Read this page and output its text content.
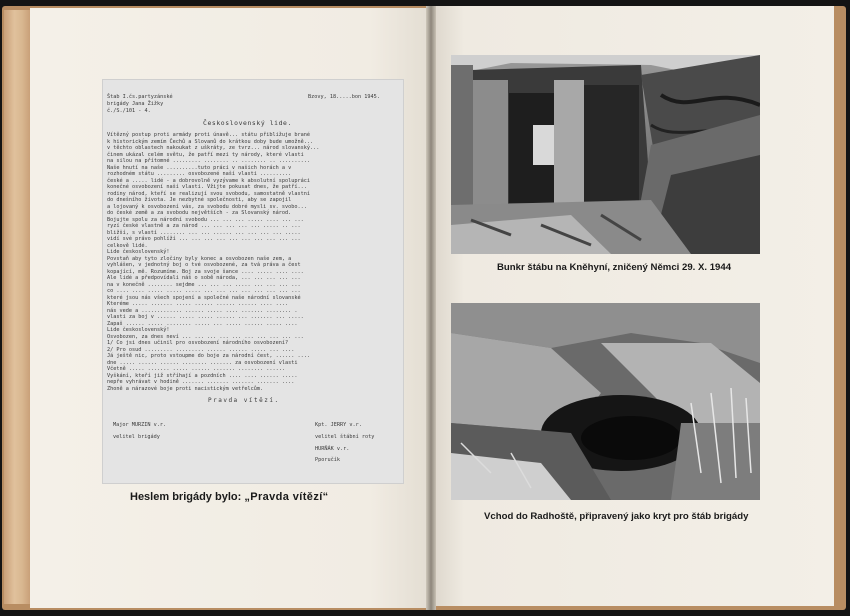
Štab I.čs.partyzánské
brigády Jana Žižky
č./S./101 - 4.
Bzovy, 18.....bon 1945.
Československý lide.
Vítězný postup proti armády proti únavě... státu přibližuje brané
k historickým zemím Čechů a Slovanů do krátkou doby bude umožně...
v těchto oblastech nakoukat z uškráty, ze tvrz... národ slovanský...
činem ukázal celém světu, že patří mezi ty národy, které vlasti
na silou na přítomné ......... ........ .. ........ .. ..........
Naše hnutí na naše ..........tuto práci v našich horách a v
rozhodném státu ......... osvobozené naší vlasti ..........
české a ..... lidé - a dobrovolně vyzývame k absolutní spolupráci
konečné osvobození naší vlasti. Vžijte pokusat dnes, že patří...
rodiny národ, kteří se realizují svou svobodu, samostatně vlastní
do dnešního života. Je nezbytné společnosti, aby se zapojil
a lojovaný k osvobození vás, za svobodu dobré mysli sv. svobo...
do české země a za svobodu největších - za Slovanský národ.
Bojujte spolu za národní svobodu ... ... ... ..... .... ... ...
ryzí české vlastně a za národ ... ... ... ... ... ..... .. ...
bližší, s vlastí ........ ... ... ...... ... ... ... ... .....
vidí své právo pohlíží ... ... ... ... ... ... ... ... ... ...
celkově lidé.
Lide československý!
Povstaň aby tyto zločiny byly konec a osvobozen naše zem, a
vyhlášen, v jednotný boj o tvé osvobozené, za tvá práva a čest
kopající, mě. Rozumíme. Boj za svoje šance .... ..... .... ....
Ale lidé a předpovídali náš o sobě národa, ... ... ... ... ...
na v konečně ........ sejdme ... ... ... ..... ... ... ... ...
co .... .... ..... ..... ..... ... ... ... ... ... ... ... ...
které jsou nás všech spojení a společné naše národní slovanské
Kteréme ..... ....... ..... ...... ...... ...... .... ....
nás vede a ............. ...... ..... .... ....... ........ .
vlasti za boj v ...... ..... ..... ...... ... ....... ... .....
Zapaš ...... ..... ........ ..... ... ..... ...... ..... ....
Lide československý!
Osvobozen, za dnes neví ... ... ... ... ... ... ... ... ... ...
1/ Co jsi dnes učinil pro osvobození národního osvobození?
2/ Pro osud ......... ......... ...... ...... ..... ... ....
Já ještě nic, proto vstoupme do boje za národní čest, ...... ....
dne ..... ...... ...... ........ ....... za osvobození vlasti
Včetně ..... ....... ..... ...... ....... ........ ......
Vyškání, kteří již stříhají a pozdních .... .... ...... .....
nepře vyhrávat v hodině ....... ....... ....... ....... ....
Zhoně a nárazové boje proti nacistickým vetřelcům.
Pravda vítězí.
Major MURZIN v.r.
velitel brigády
Kpt. JERRY v.r.
velitel štábní roty
HURŇÁK v.r.
Pporučík
Heslem brigády bylo: „Pravda vítězí“
Bunkr štábu na Kněhyní, zničený Němci 29. X. 1944
Vchod do Radhoště, připravený jako kryt pro štáb brigády
